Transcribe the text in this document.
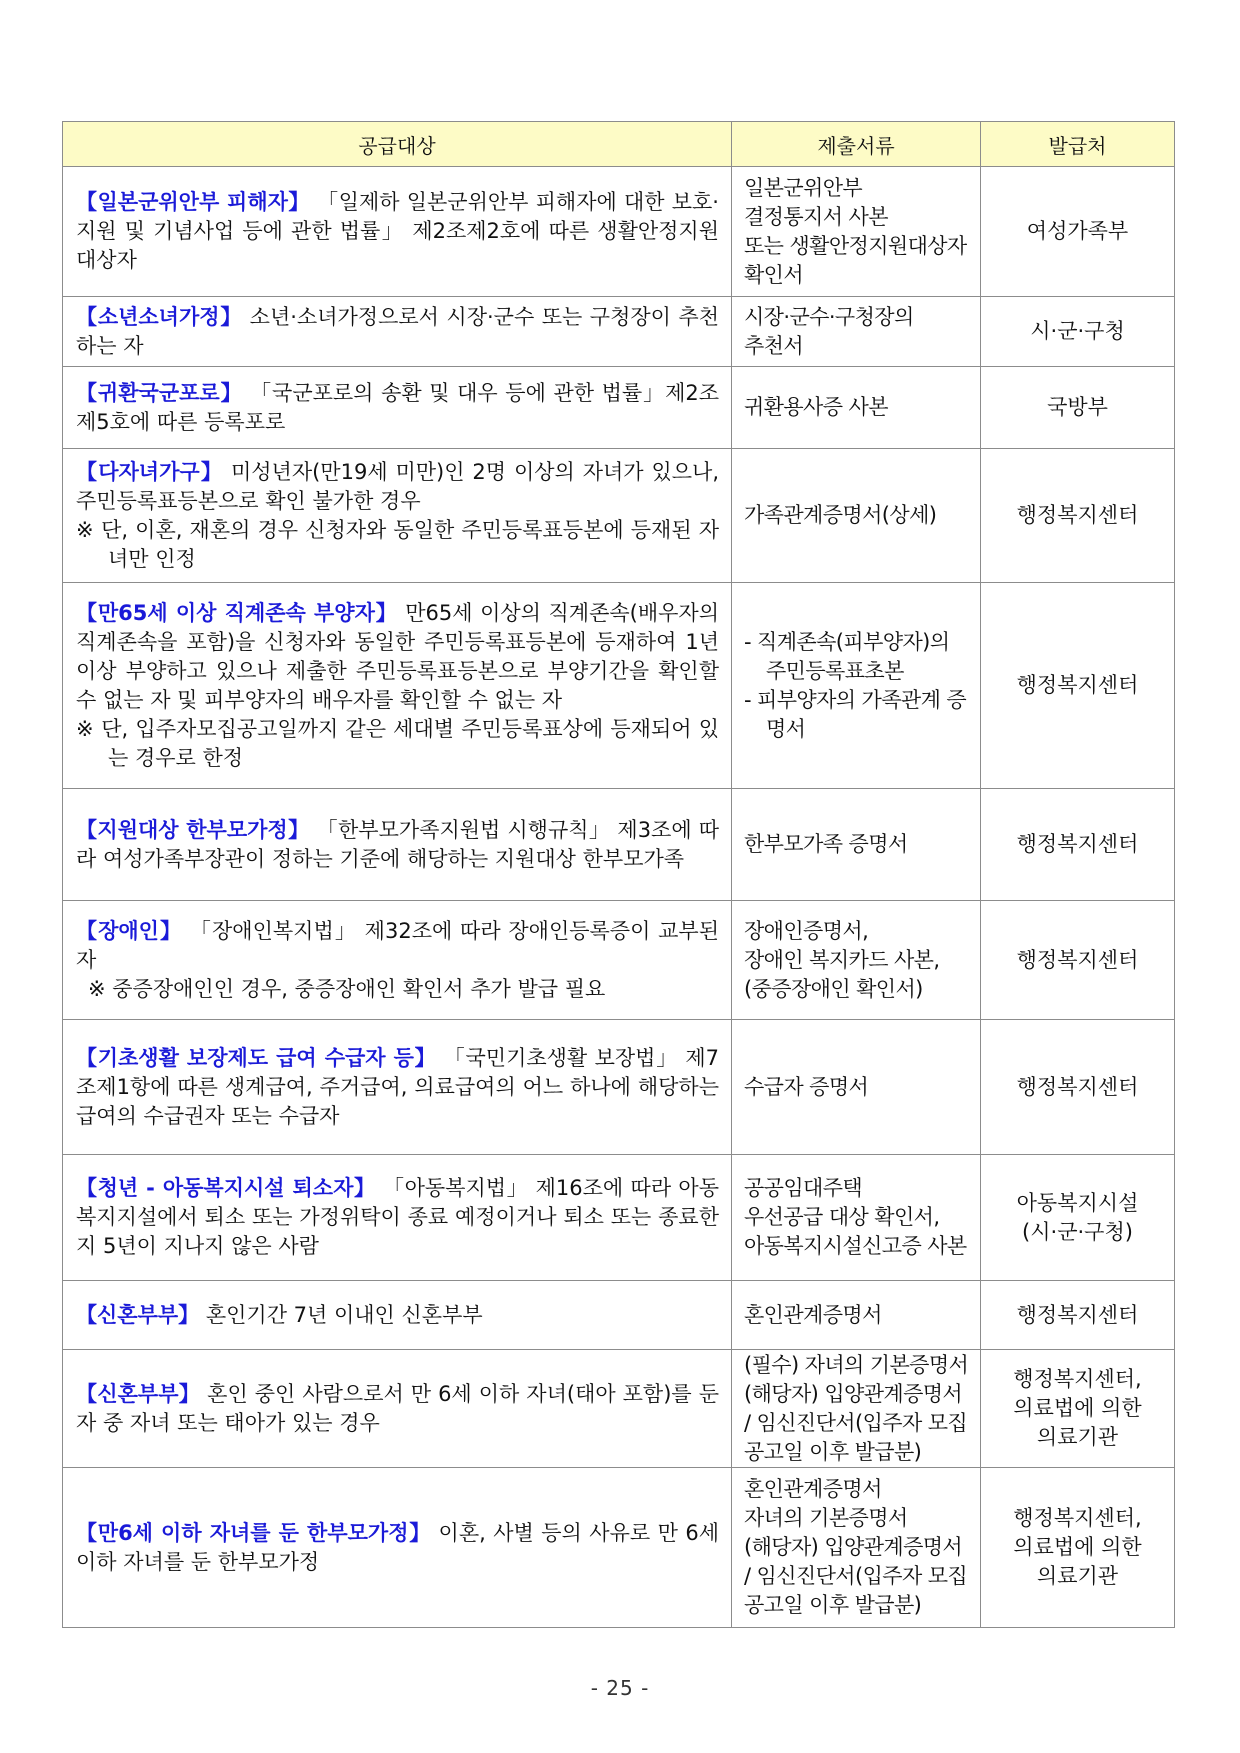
공급대상	제출서류	발급처
【일본군위안부 피해자】 「일제하 일본군위안부 피해자에 대한 보호·지원 및 기념사업 등에 관한 법률」 제2조제2호에 따른 생활안정지원대상자	일본군위안부
결정통지서 사본
또는 생활안정지원대상자
확인서	여성가족부

【소년소녀가정】 소년·소녀가정으로서 시장·군수 또는 구청장이 추천하는 자	시장·군수·구청장의
추천서	시·군·구청

【귀환국군포로】 「국군포로의 송환 및 대우 등에 관한 법률」제2조 제5호에 따른 등록포로	귀환용사증 사본	국방부

【다자녀가구】 미성년자(만19세 미만)인 2명 이상의 자녀가 있으나, 주민등록표등본으로 확인 불가한 경우
※ 단, 이혼, 재혼의 경우 신청자와 동일한 주민등록표등본에 등재된 자녀만 인정	가족관계증명서(상세)	행정복지센터

【만65세 이상 직계존속 부양자】 만65세 이상의 직계존속(배우자의 직계존속을 포함)을 신청자와 동일한 주민등록표등본에 등재하여 1년 이상 부양하고 있으나 제출한 주민등록표등본으로 부양기간을 확인할 수 없는 자 및 피부양자의 배우자를 확인할 수 없는 자
※ 단, 입주자모집공고일까지 같은 세대별 주민등록표상에 등재되어 있는 경우로 한정	- 직계존속(피부양자)의 주민등록표초본
- 피부양자의 가족관계 증명서	행정복지센터

【지원대상 한부모가정】 「한부모가족지원법 시행규칙」 제3조에 따라 여성가족부장관이 정하는 기준에 해당하는 지원대상 한부모가족	한부모가족 증명서	행정복지센터

【장애인】 「장애인복지법」 제32조에 따라 장애인등록증이 교부된 자
※ 중증장애인인 경우, 중증장애인 확인서 추가 발급 필요	장애인증명서,
장애인 복지카드 사본,
(중증장애인 확인서)	행정복지센터

【기초생활 보장제도 급여 수급자 등】 「국민기초생활 보장법」 제7조제1항에 따른 생계급여, 주거급여, 의료급여의 어느 하나에 해당하는 급여의 수급권자 또는 수급자	수급자 증명서	행정복지센터

【청년 - 아동복지시설 퇴소자】 「아동복지법」 제16조에 따라 아동복지지설에서 퇴소 또는 가정위탁이 종료 예정이거나 퇴소 또는 종료한 지 5년이 지나지 않은 사람	공공임대주택
우선공급 대상 확인서,
아동복지시설신고증 사본	아동복지시설
(시·군·구청)

【신혼부부】 혼인기간 7년 이내인 신혼부부	혼인관계증명서	행정복지센터

【신혼부부】 혼인 중인 사람으로서 만 6세 이하 자녀(태아 포함)를 둔 자 중 자녀 또는 태아가 있는 경우	(필수) 자녀의 기본증명서
(해당자) 입양관계증명서
/ 임신진단서(입주자 모집
공고일 이후 발급분)	행정복지센터,
의료법에 의한
의료기관

【만6세 이하 자녀를 둔 한부모가정】 이혼, 사별 등의 사유로 만 6세 이하 자녀를 둔 한부모가정	혼인관계증명서
자녀의 기본증명서
(해당자) 입양관계증명서
/ 임신진단서(입주자 모집
공고일 이후 발급분)	행정복지센터,
의료법에 의한
의료기관
- 25 -
